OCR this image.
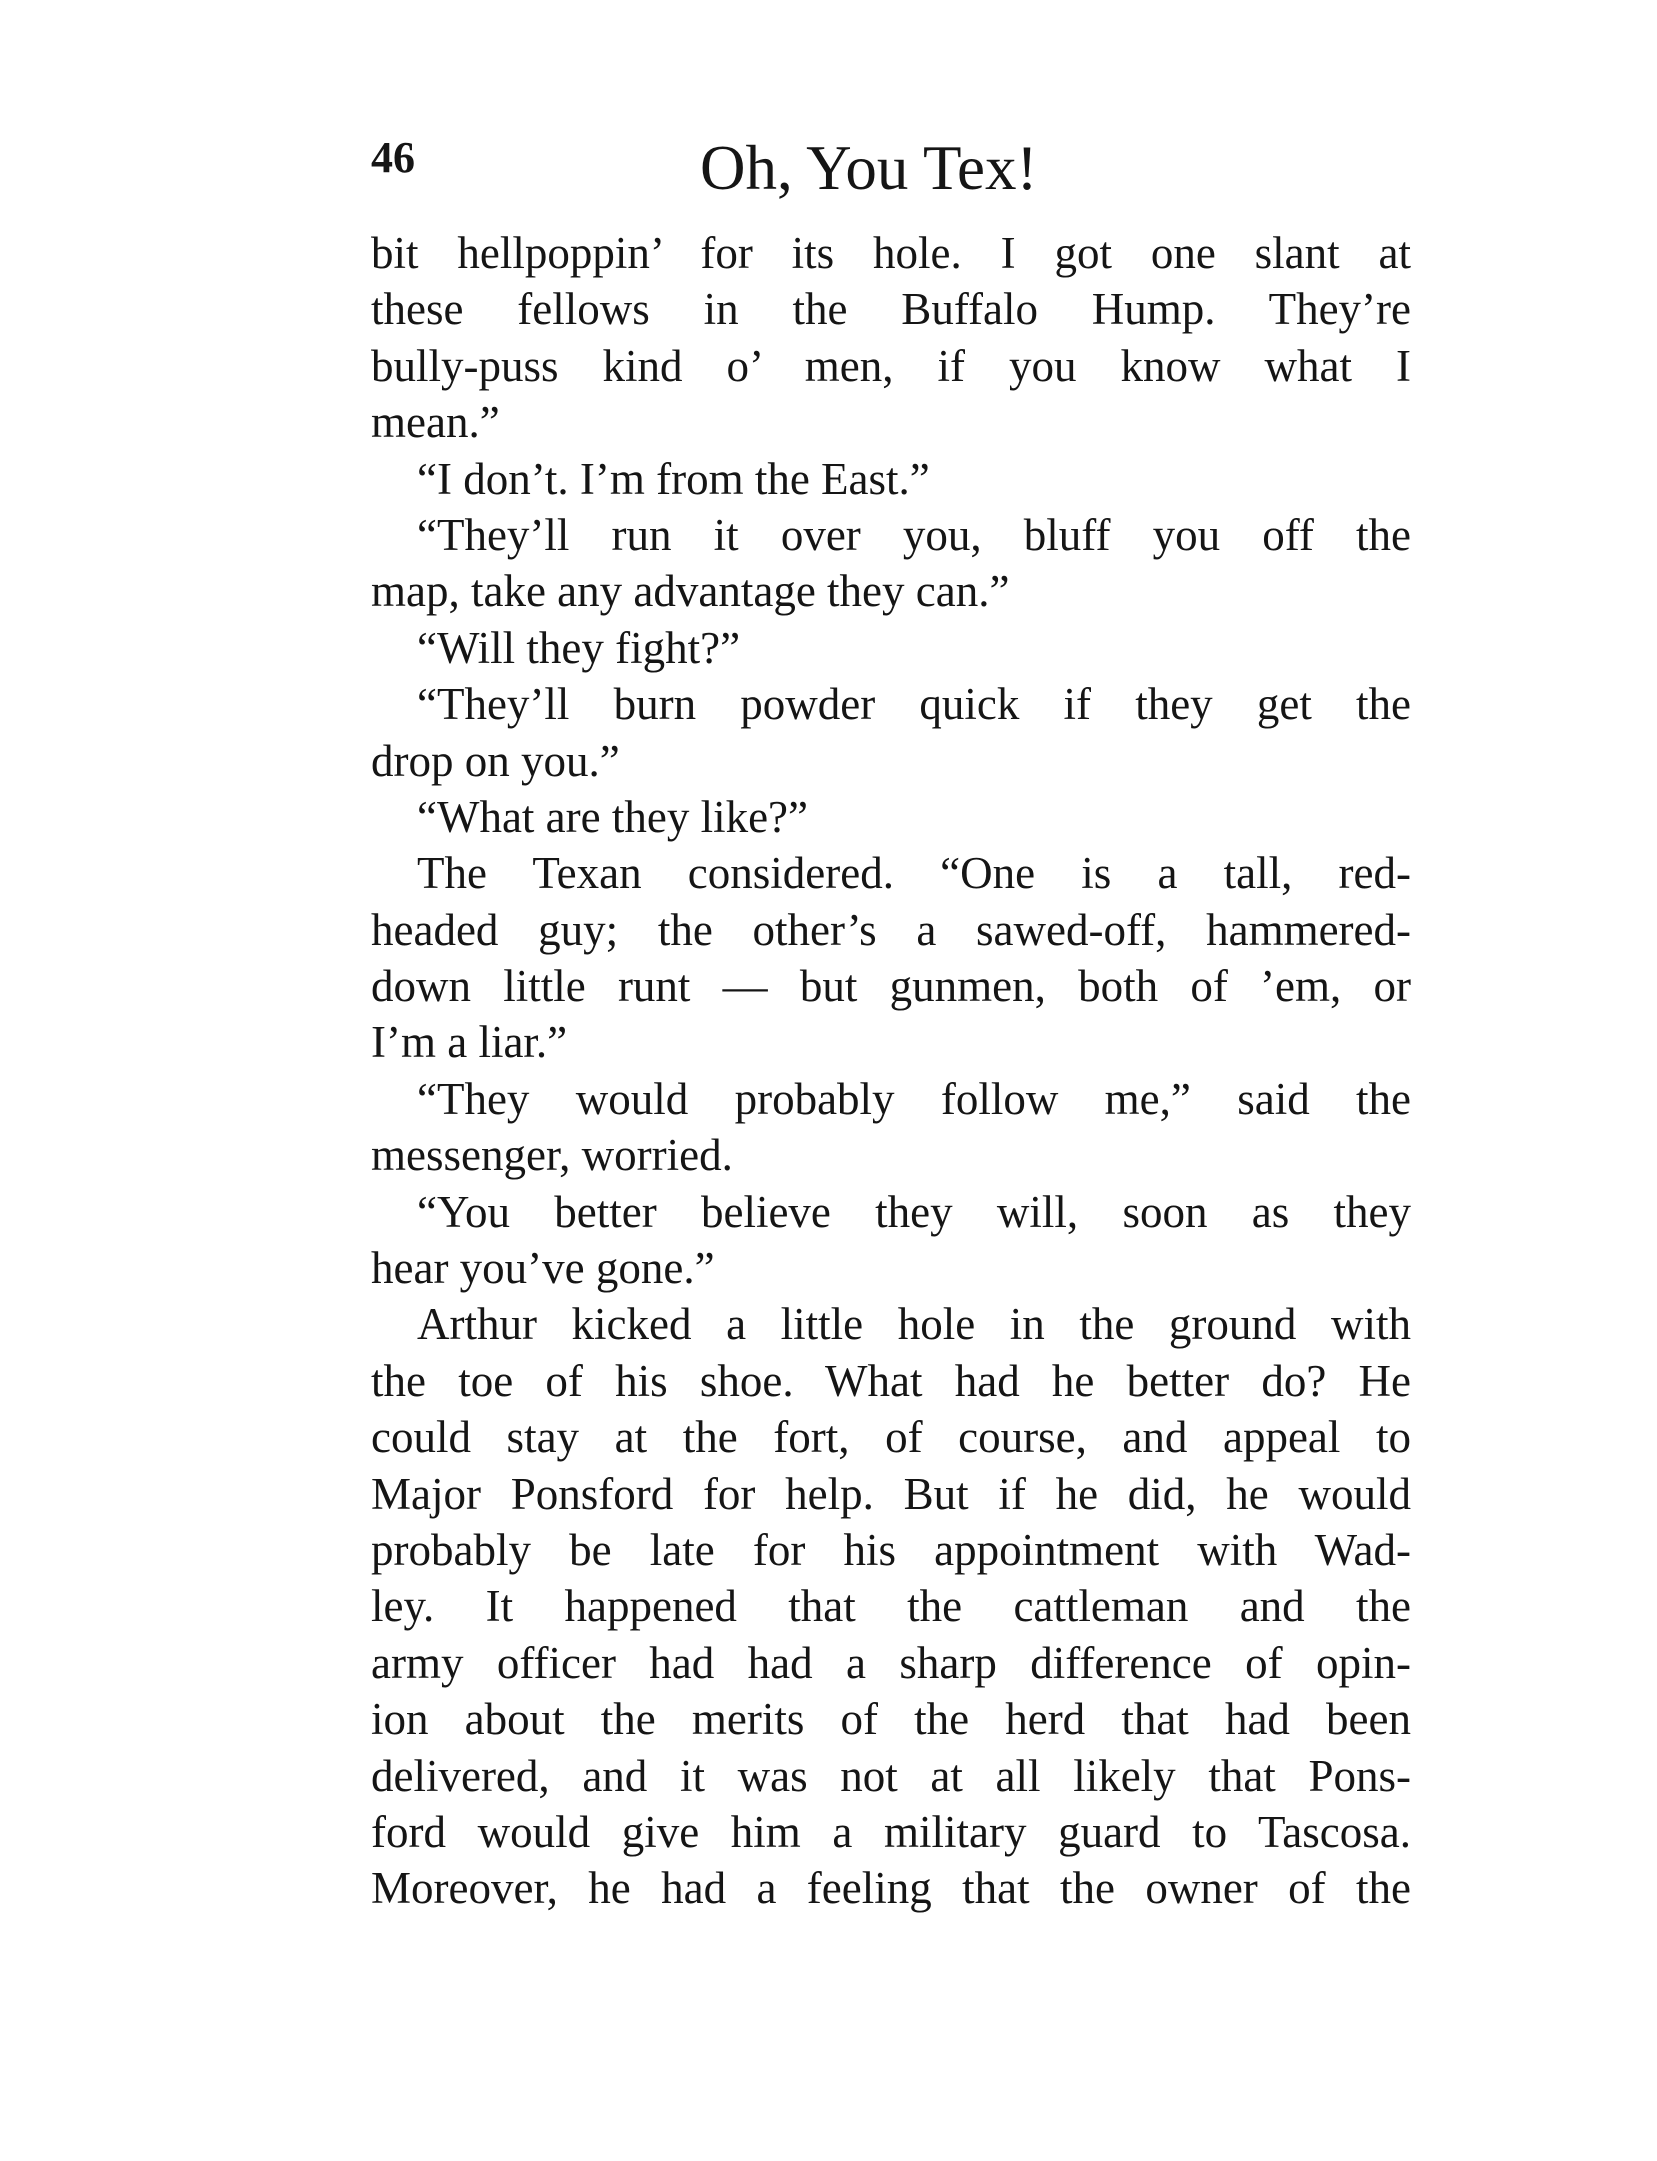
46	Oh, You Tex!
bit hellpoppin’ for its hole. I got one slant at
these fellows in the Buffalo Hump. They’re
bully-puss kind o’ men, if you know what I
mean.”
“I don’t. I’m from the East.”
“They’ll run it over you, bluff you off the
map, take any advantage they can.”
“Will they fight?”
“They’ll burn powder quick if they get the
drop on you.”
“What are they like?”
The Texan considered. “One is a tall, red-
headed guy; the other’s a sawed-off, hammered-
down little runt — but gunmen, both of ’em, or
I’m a liar.”
“They would probably follow me,” said the
messenger, worried.
“You better believe they will, soon as they
hear you’ve gone.”
Arthur kicked a little hole in the ground with
the toe of his shoe. What had he better do? He
could stay at the fort, of course, and appeal to
Major Ponsford for help. But if he did, he would
probably be late for his appointment with Wad-
ley. It happened that the cattleman and the
army officer had had a sharp difference of opin-
ion about the merits of the herd that had been
delivered, and it was not at all likely that Pons-
ford would give him a military guard to Tascosa.
Moreover, he had a feeling that the owner of the
